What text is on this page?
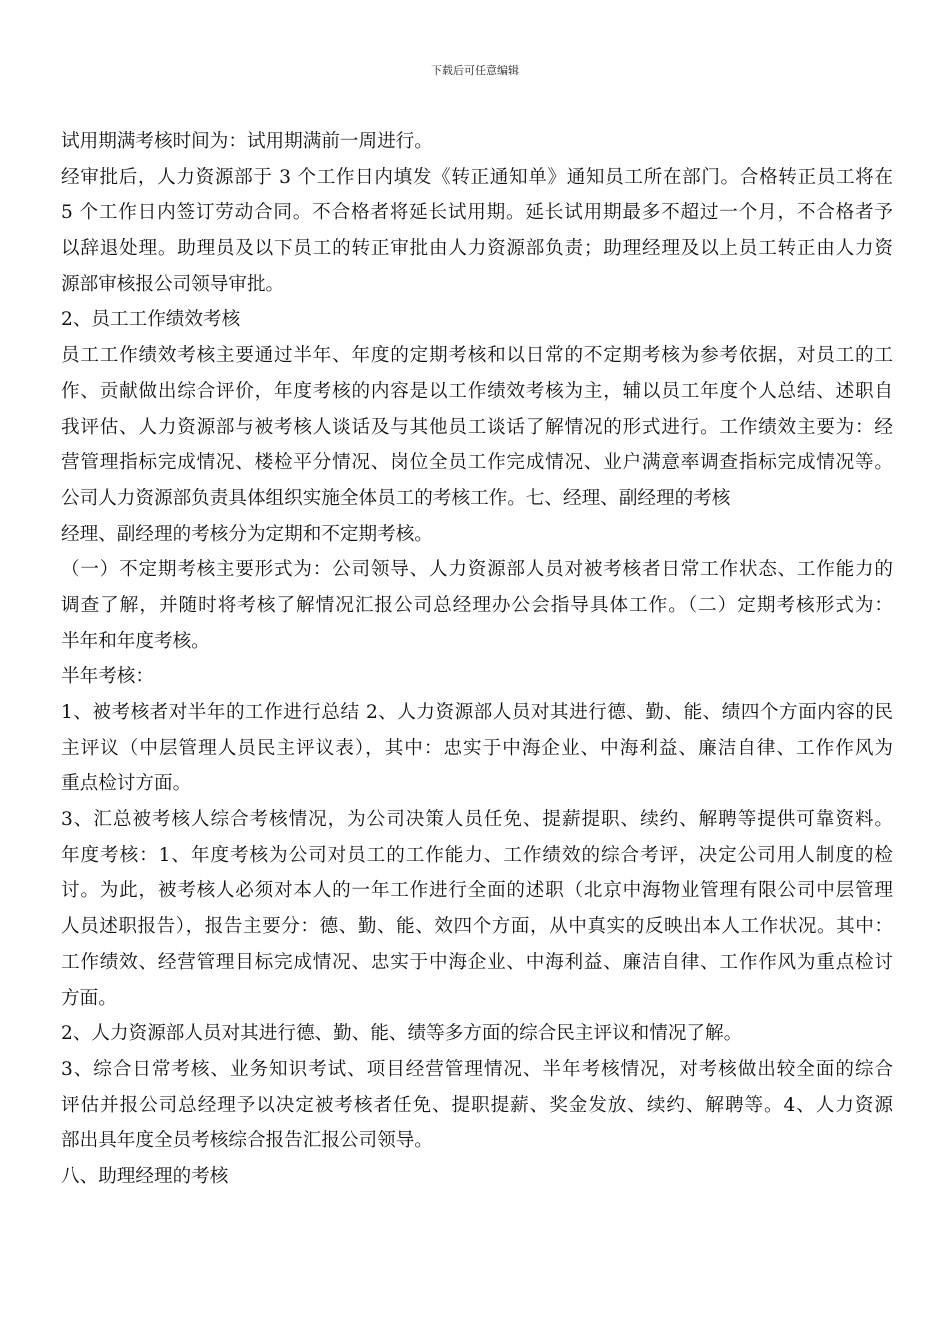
下载后可任意编辑
试用期满考核时间为：试用期满前一周进行。
经审批后，人力资源部于 3 个工作日内填发《转正通知单》通知员工所在部门。合格转正员工将在
5 个工作日内签订劳动合同。不合格者将延长试用期。延长试用期最多不超过一个月，不合格者予
以辞退处理。助理员及以下员工的转正审批由人力资源部负责；助理经理及以上员工转正由人力资
源部审核报公司领导审批。
2、员工工作绩效考核
员工工作绩效考核主要通过半年、年度的定期考核和以日常的不定期考核为参考依据，对员工的工
作、贡献做出综合评价，年度考核的内容是以工作绩效考核为主，辅以员工年度个人总结、述职自
我评估、人力资源部与被考核人谈话及与其他员工谈话了解情况的形式进行。工作绩效主要为：经
营管理指标完成情况、楼检平分情况、岗位全员工作完成情况、业户满意率调查指标完成情况等。
公司人力资源部负责具体组织实施全体员工的考核工作。七、经理、副经理的考核
经理、副经理的考核分为定期和不定期考核。
（一）不定期考核主要形式为：公司领导、人力资源部人员对被考核者日常工作状态、工作能力的
调查了解，并随时将考核了解情况汇报公司总经理办公会指导具体工作。（二）定期考核形式为：
半年和年度考核。
半年考核：
1、被考核者对半年的工作进行总结 2、人力资源部人员对其进行德、勤、能、绩四个方面内容的民
主评议（中层管理人员民主评议表），其中：忠实于中海企业、中海利益、廉洁自律、工作作风为
重点检讨方面。
3、汇总被考核人综合考核情况，为公司决策人员任免、提薪提职、续约、解聘等提供可靠资料。
年度考核：1、年度考核为公司对员工的工作能力、工作绩效的综合考评，决定公司用人制度的检
讨。为此，被考核人必须对本人的一年工作进行全面的述职（北京中海物业管理有限公司中层管理
人员述职报告），报告主要分：德、勤、能、效四个方面，从中真实的反映出本人工作状况。其中：
工作绩效、经营管理目标完成情况、忠实于中海企业、中海利益、廉洁自律、工作作风为重点检讨
方面。
2、人力资源部人员对其进行德、勤、能、绩等多方面的综合民主评议和情况了解。
3、综合日常考核、业务知识考试、项目经营管理情况、半年考核情况，对考核做出较全面的综合
评估并报公司总经理予以决定被考核者任免、提职提薪、奖金发放、续约、解聘等。4、人力资源
部出具年度全员考核综合报告汇报公司领导。
八、助理经理的考核
